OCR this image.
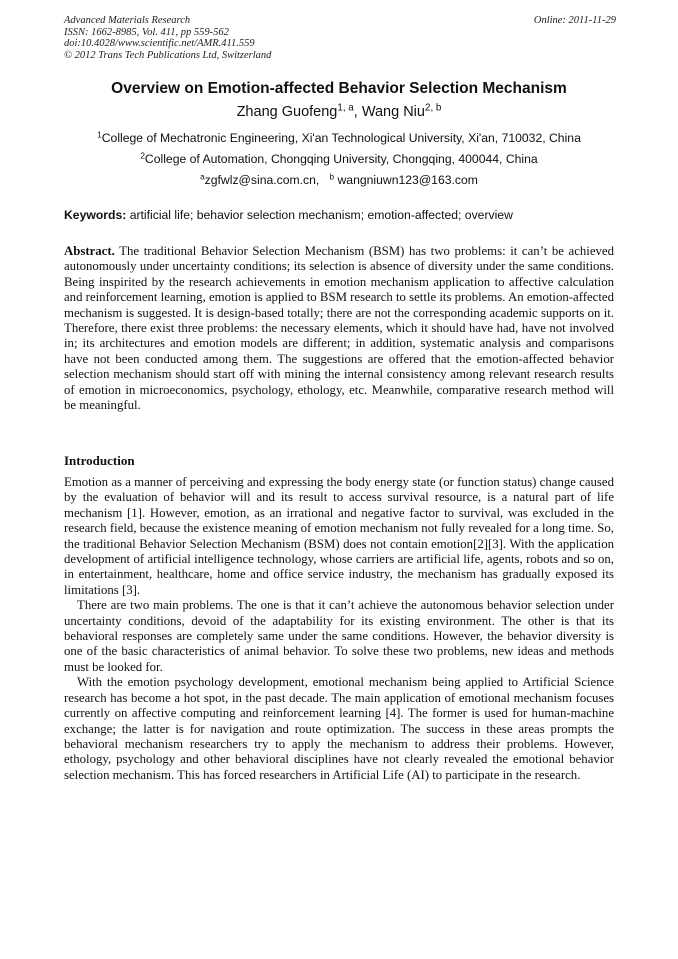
Advanced Materials Research
ISSN: 1662-8985, Vol. 411, pp 559-562
doi:10.4028/www.scientific.net/AMR.411.559
© 2012 Trans Tech Publications Ltd, Switzerland
Online: 2011-11-29
Overview on Emotion-affected Behavior Selection Mechanism
Zhang Guofeng$^{1, a}$, Wang Niu$^{2, b}$
$^1$College of Mechatronic Engineering, Xi'an Technological University, Xi'an, 710032, China
$^2$College of Automation, Chongqing University, Chongqing, 400044, China
$^a$zgfwlz@sina.com.cn, $^b$ wangniuwn123@163.com
Keywords: artificial life; behavior selection mechanism; emotion-affected; overview

Abstract. The traditional Behavior Selection Mechanism (BSM) has two problems: it can’t be achieved autonomously under uncertainty conditions; its selection is absence of diversity under the same conditions. Being inspirited by the research achievements in emotion mechanism application to affective calculation and reinforcement learning, emotion is applied to BSM research to settle its problems. An emotion-affected mechanism is suggested. It is design-based totally; there are not the corresponding academic supports on it. Therefore, there exist three problems: the necessary elements, which it should have had, have not involved in; its architectures and emotion models are different; in addition, systematic analysis and comparisons have not been conducted among them. The suggestions are offered that the emotion-affected behavior selection mechanism should start off with mining the internal consistency among relevant research results of emotion in microeconomics, psychology, ethology, etc. Meanwhile, comparative research method will be meaningful.

Introduction

Emotion as a manner of perceiving and expressing the body energy state (or function status) change caused by the evaluation of behavior will and its result to access survival resource, is a natural part of life mechanism [1]. However, emotion, as an irrational and negative factor to survival, was excluded in the research field, because the existence meaning of emotion mechanism not fully revealed for a long time. So, the traditional Behavior Selection Mechanism (BSM) does not contain emotion[2][3]. With the application development of artificial intelligence technology, whose carriers are artificial life, agents, robots and so on, in entertainment, healthcare, home and office service industry, the mechanism has gradually exposed its limitations [3].

There are two main problems. The one is that it can’t achieve the autonomous behavior selection under uncertainty conditions, devoid of the adaptability for its existing environment. The other is that its behavioral responses are completely same under the same conditions. However, the behavior diversity is one of the basic characteristics of animal behavior. To solve these two problems, new ideas and methods must be looked for.

With the emotion psychology development, emotional mechanism being applied to Artificial Science research has become a hot spot, in the past decade. The main application of emotional mechanism focuses currently on affective computing and reinforcement learning [4]. The former is used for human-machine exchange; the latter is for navigation and route optimization. The success in these areas prompts the behavioral mechanism researchers try to apply the mechanism to address their problems. However, ethology, psychology and other behavioral disciplines have not clearly revealed the emotional behavior selection mechanism. This has forced researchers in Artificial Life (AI) to participate in the research.
